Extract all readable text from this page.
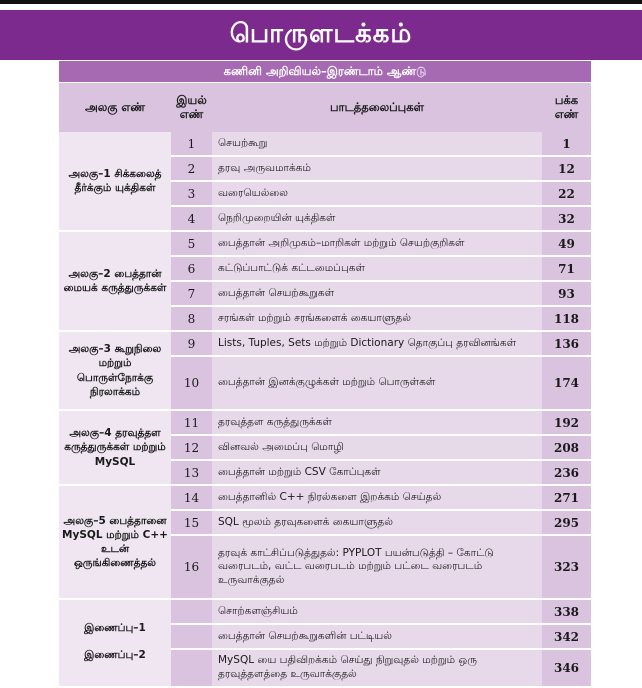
பொருளடக்கம்
கணினி அறிவியல்–இரண்டாம் ஆண்டு
அலகு எண்	இயல் எண்	பாடத்தலைப்புகள்	பக்க எண்
அலகு–1 சிக்கலைத் தீர்க்கும் யுக்திகள்	1	செயற்கூறு	1
	2	தரவு அருவமாக்கம்	12
	3	வரையெல்லை	22
	4	நெறிமுறையின் யுக்திகள்	32
அலகு–2 பைத்தான் மையக் கருத்துருக்கள்	5	பைத்தான் அறிமுகம்–மாறிகள் மற்றும் செயற்குறிகள்	49
	6	கட்டுப்பாட்டுக் கட்டமைப்புகள்	71
	7	பைத்தான் செயற்கூறுகள்	93
	8	சரங்கள் மற்றும் சரங்களைக் கையாளுதல்	118
அலகு–3 கூறுநிலை மற்றும் பொருள்நோக்கு நிரலாக்கம்	9	Lists, Tuples, Sets மற்றும் Dictionary தொகுப்பு தரவினங்கள்	136
	10	பைத்தான் இனக்குழுக்கள் மற்றும் பொருள்கள்	174
அலகு–4 தரவுத்தள கருத்துருக்கள் மற்றும் MySQL	11	தரவுத்தள கருத்துருக்கள்	192
	12	வினவல் அமைப்பு மொழி	208
	13	பைத்தான் மற்றும் CSV கோப்புகள்	236
அலகு–5 பைத்தானை MySQL மற்றும் C++ உடன் ஒருங்கிணைத்தல்	14	பைத்தானில் C++ நிரல்களை இறக்கம் செய்தல்	271
	15	SQL மூலம் தரவுகளைக் கையாளுதல்	295
	16	தரவுக் காட்சிப்படுத்துதல்: PYPLOT பயன்படுத்தி – கோட்டு வரைபடம், வட்ட வரைபடம் மற்றும் பட்டை வரைபடம் உருவாக்குதல்	323

இணைப்பு–1
இணைப்பு–2		சொற்களஞ்சியம்	338
		பைத்தான் செயற்கூறுகளின் பட்டியல்	342
		MySQL யை பதிவிறக்கம் செய்து நிறுவுதல் மற்றும் ஒரு தரவுத்தளத்தை உருவாக்குதல்	346
